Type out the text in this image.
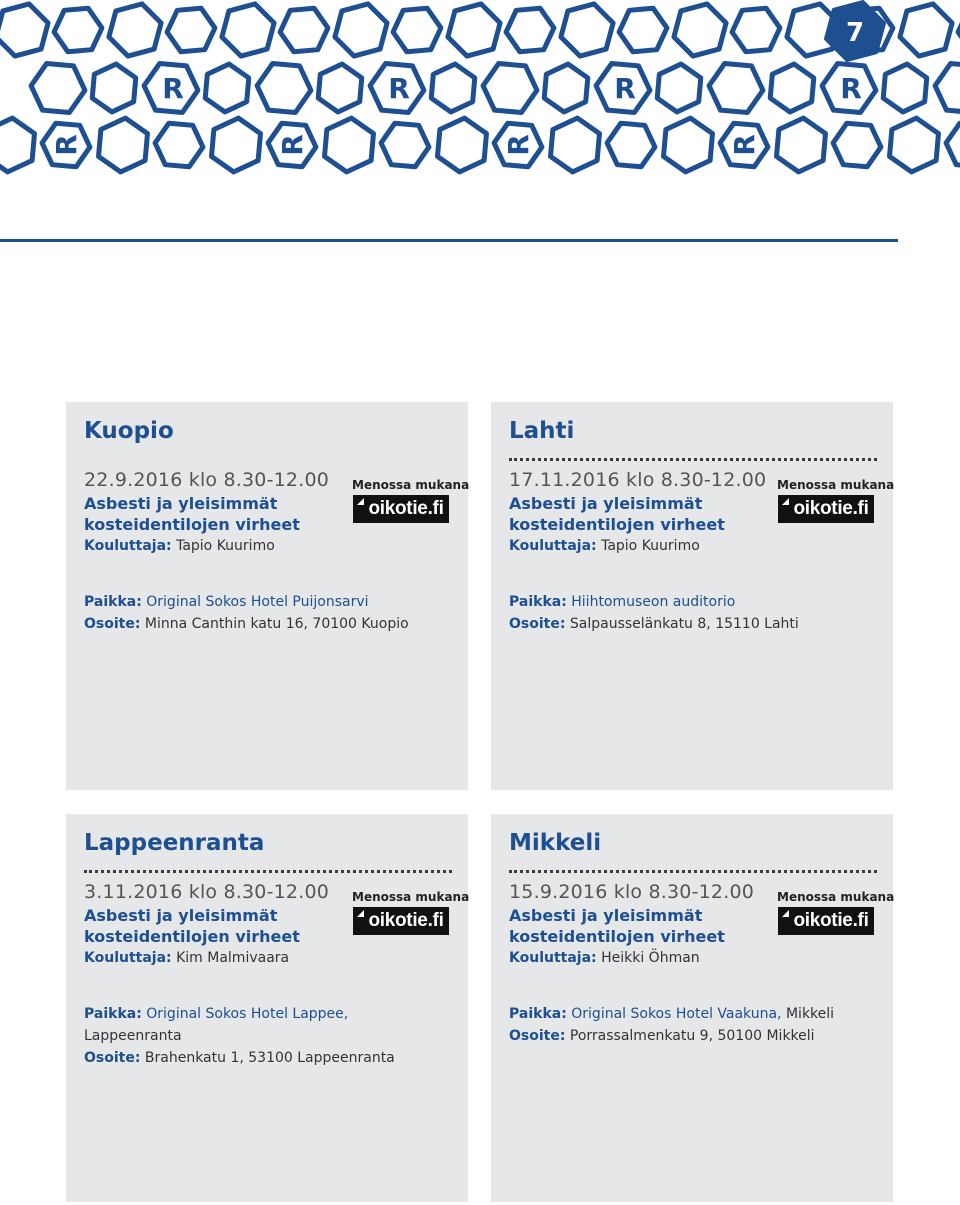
R	R	R	R
R	R	R	R
7
Kuopio
22.9.2016 klo 8.30-12.00
Asbesti ja yleisimmät
kosteidentilojen virheet
Kouluttaja: Tapio Kuurimo
Menossa mukana
oikotie.fi
Paikka: Original Sokos Hotel Puijonsarvi
Osoite: Minna Canthin katu 16, 70100 Kuopio
Lahti
17.11.2016 klo 8.30-12.00
Asbesti ja yleisimmät
kosteidentilojen virheet
Kouluttaja: Tapio Kuurimo
Menossa mukana
oikotie.fi
Paikka: Hiihtomuseon auditorio
Osoite: Salpausselänkatu 8, 15110 Lahti
Lappeenranta
3.11.2016 klo 8.30-12.00
Asbesti ja yleisimmät
kosteidentilojen virheet
Kouluttaja: Kim Malmivaara
Menossa mukana
oikotie.fi
Paikka: Original Sokos Hotel Lappee, Lappeenranta
Osoite: Brahenkatu 1, 53100 Lappeenranta
Mikkeli
15.9.2016 klo 8.30-12.00
Asbesti ja yleisimmät
kosteidentilojen virheet
Kouluttaja: Heikki Öhman
Menossa mukana
oikotie.fi
Paikka: Original Sokos Hotel Vaakuna, Mikkeli
Osoite: Porrassalmenkatu 9, 50100 Mikkeli
